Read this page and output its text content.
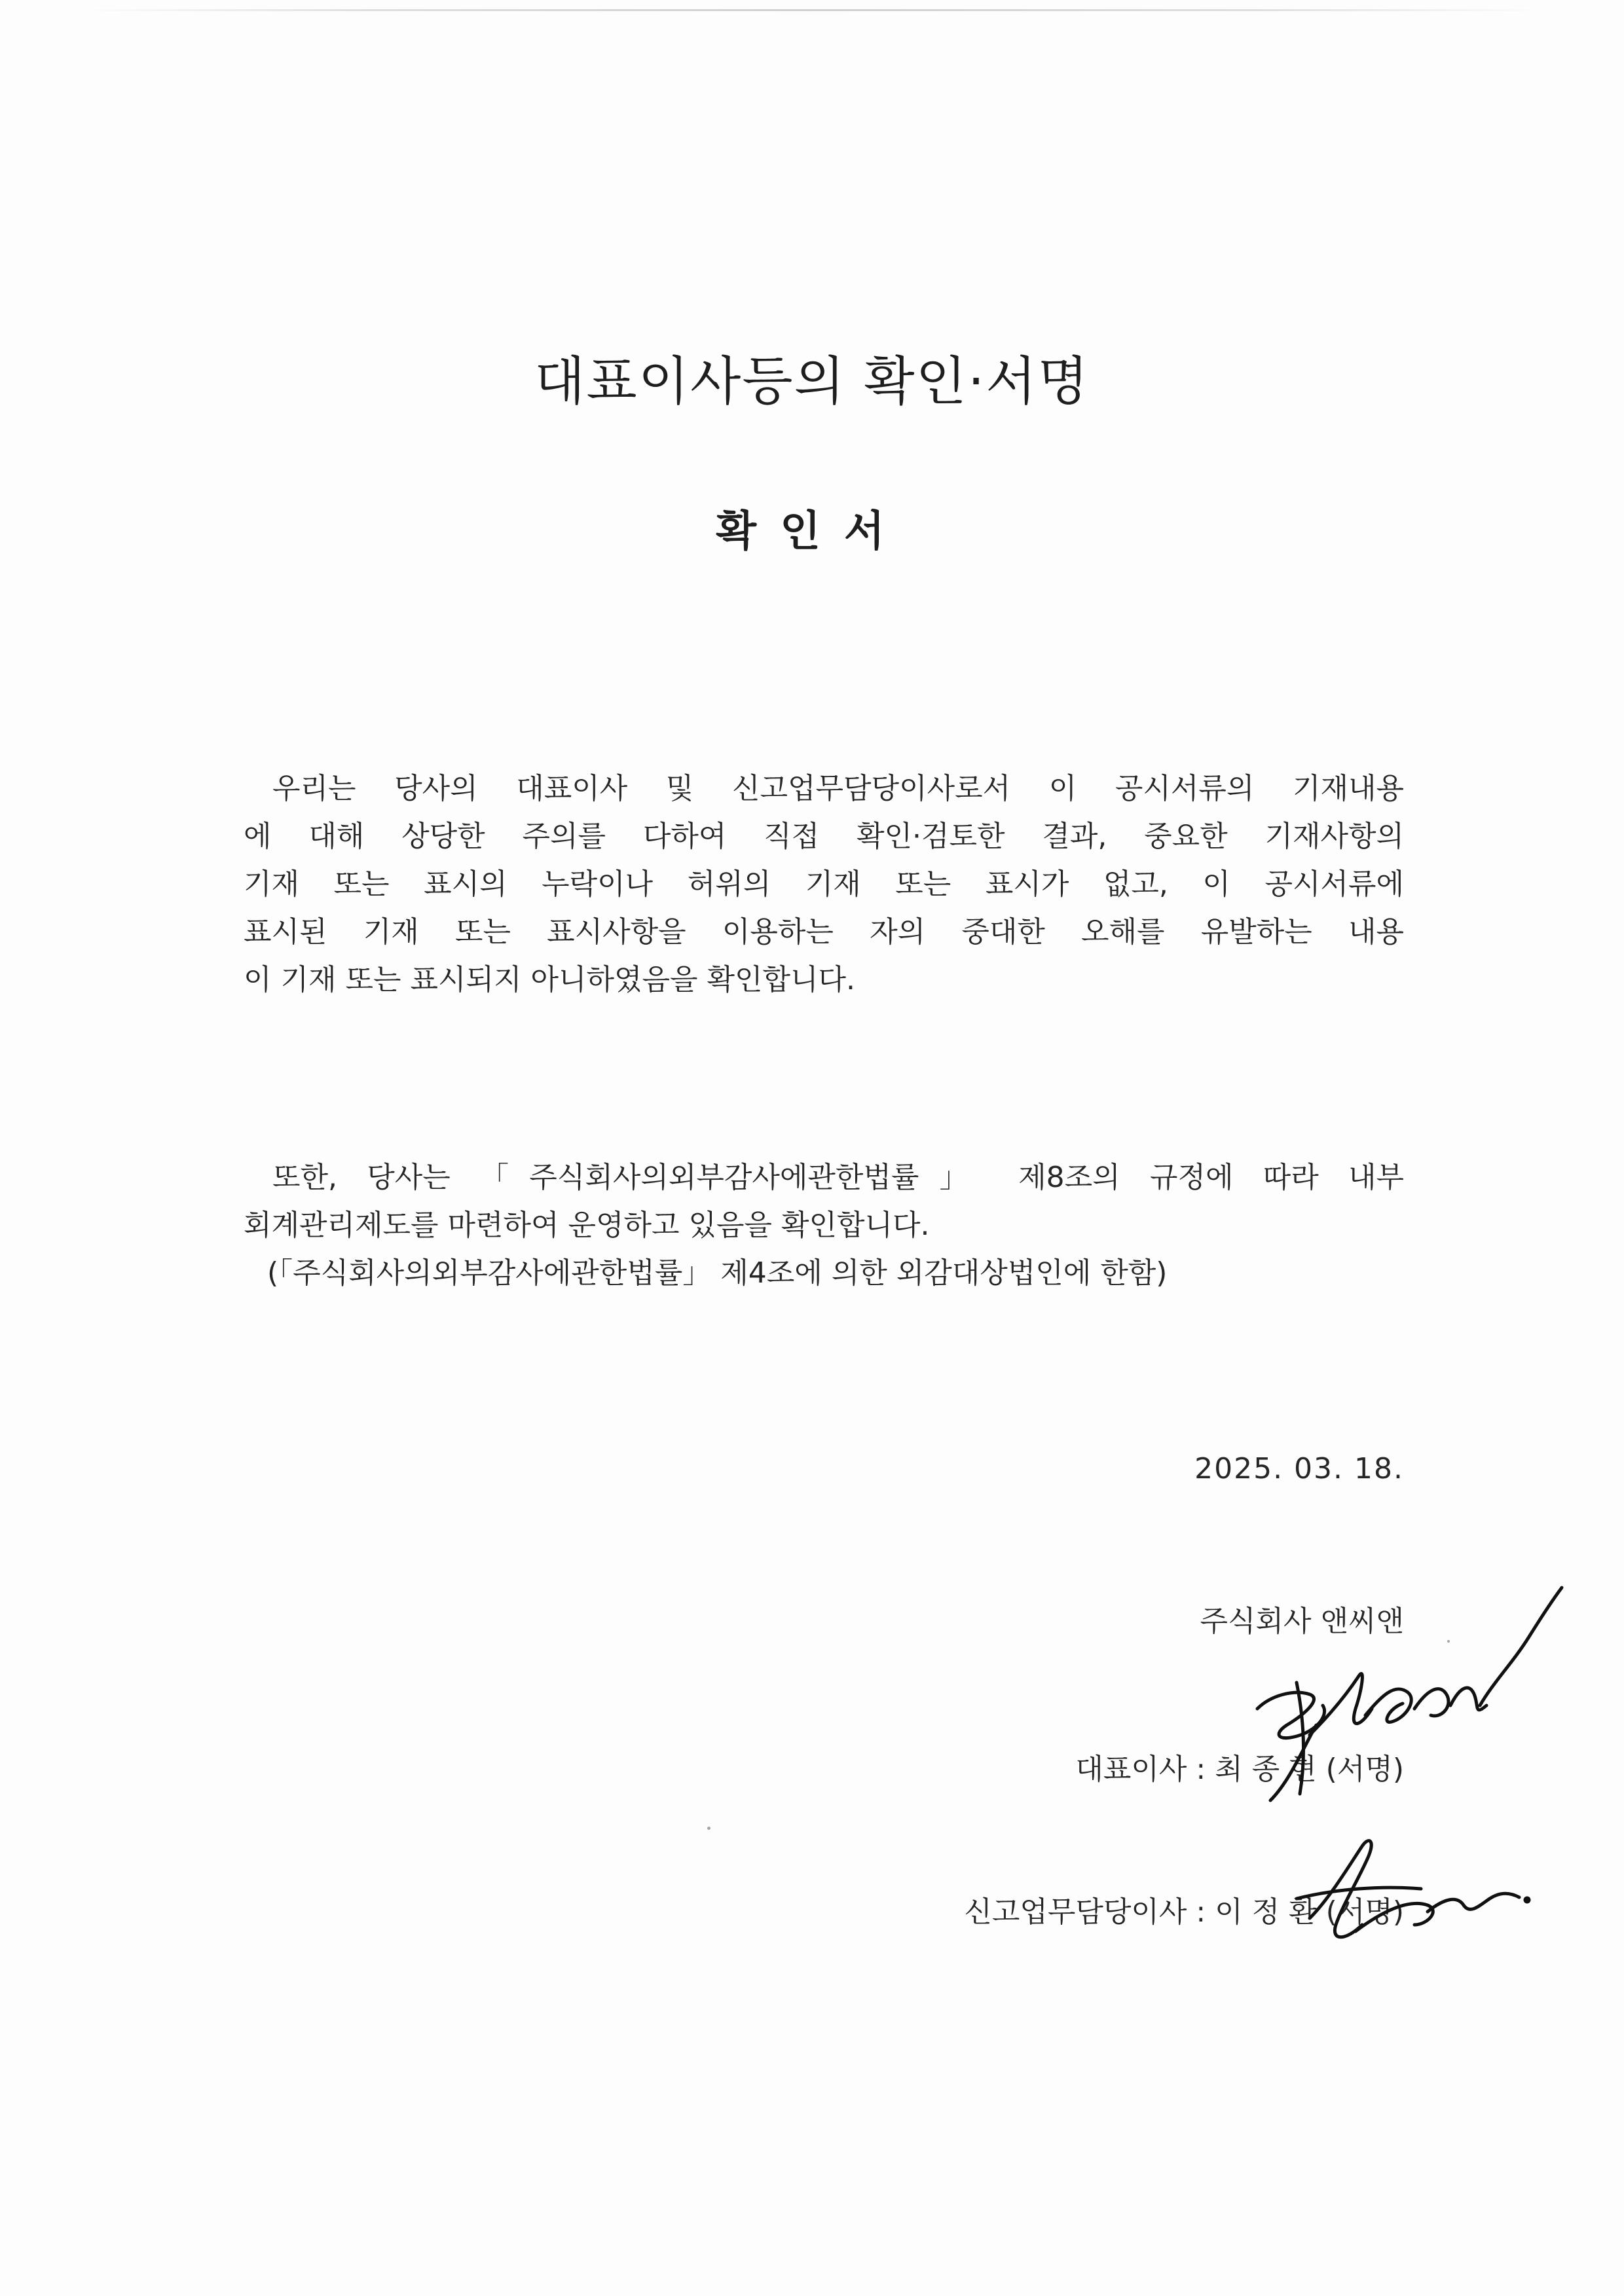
대표이사등의 확인·서명
확인서
우리는 당사의 대표이사 및 신고업무담당이사로서 이 공시서류의 기재내용
에 대해 상당한 주의를 다하여 직접 확인·검토한 결과, 중요한 기재사항의
기재 또는 표시의 누락이나 허위의 기재 또는 표시가 없고, 이 공시서류에
표시된 기재 또는 표시사항을 이용하는 자의 중대한 오해를 유발하는 내용
이 기재 또는 표시되지 아니하였음을 확인합니다.
또한, 당사는 「주식회사의외부감사에관한법률」 제8조의 규정에 따라 내부
회계관리제도를 마련하여 운영하고 있음을 확인합니다.
(「주식회사의외부감사에관한법률」 제4조에 의한 외감대상법인에 한함)
2025. 03. 18.
주식회사 앤씨앤
대표이사 : 최 종 현 (서명)
신고업무담당이사 : 이 정 환 (서명)
